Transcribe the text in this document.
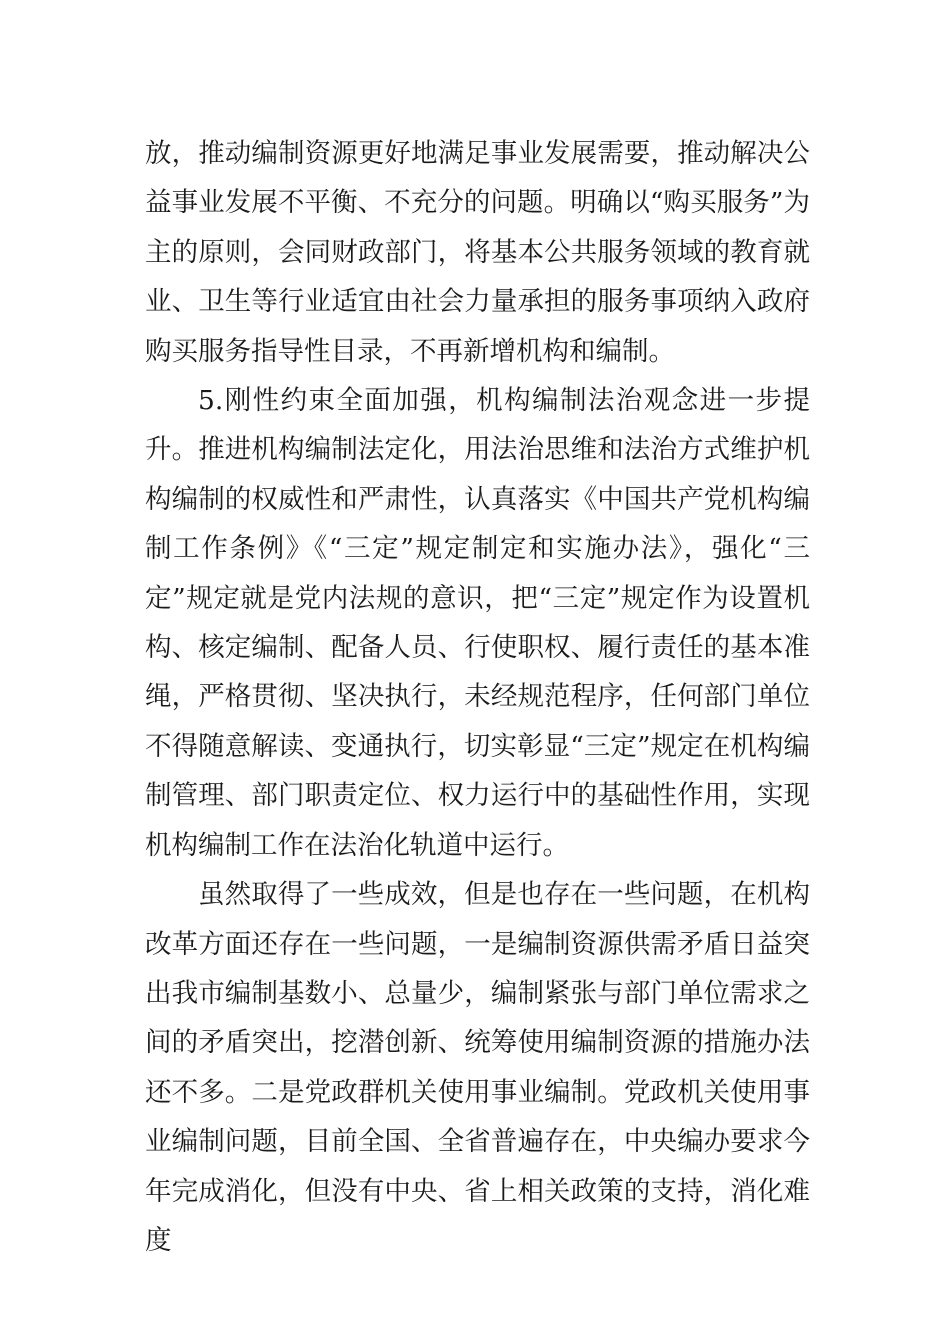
放，推动编制资源更好地满足事业发展需要，推动解决公益事业发展不平衡、不充分的问题。明确以“购买服务”为主的原则，会同财政部门，将基本公共服务领域的教育就业、卫生等行业适宜由社会力量承担的服务事项纳入政府购买服务指导性目录，不再新增机构和编制。

5.刚性约束全面加强，机构编制法治观念进一步提升。推进机构编制法定化，用法治思维和法治方式维护机构编制的权威性和严肃性，认真落实《中国共产党机构编制工作条例》《“三定”规定制定和实施办法》，强化“三定”规定就是党内法规的意识，把“三定”规定作为设置机构、核定编制、配备人员、行使职权、履行责任的基本准绳，严格贯彻、坚决执行，未经规范程序，任何部门单位不得随意解读、变通执行，切实彰显“三定”规定在机构编制管理、部门职责定位、权力运行中的基础性作用，实现机构编制工作在法治化轨道中运行。

虽然取得了一些成效，但是也存在一些问题，在机构改革方面还存在一些问题，一是编制资源供需矛盾日益突出我市编制基数小、总量少，编制紧张与部门单位需求之间的矛盾突出，挖潜创新、统筹使用编制资源的措施办法还不多。二是党政群机关使用事业编制。党政机关使用事业编制问题，目前全国、全省普遍存在，中央编办要求今年完成消化，但没有中央、省上相关政策的支持，消化难度
